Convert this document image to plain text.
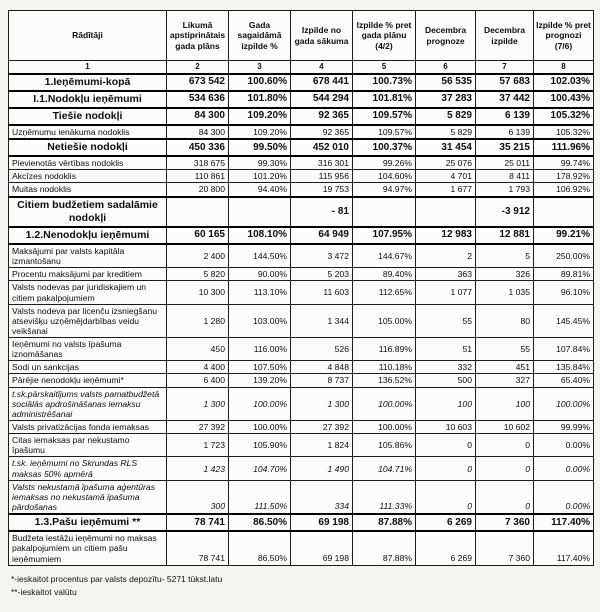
Rādītāji	Likumā apstiprinātais gada plāns	Gada sagaidāmā izpilde %	Izpilde no gada sākuma	Izpilde % pret gada plānu (4/2)	Decembra prognoze	Decembra izpilde	Izpilde % pret prognozi (7/6)
1	2	3	4	5	6	7	8
1.Ieņēmumi-kopā	673 542	100.60%	678 441	100.73%	56 535	57 683	102.03%
I.1.Nodokļu ieņēmumi	534 636	101.80%	544 294	101.81%	37 283	37 442	100.43%
Tiešie nodokļi	84 300	109.20%	92 365	109.57%	5 829	6 139	105.32%
Uzņēmumu ienākuma nodoklis	84 300	109.20%	92 365	109.57%	5 829	6 139	105.32%
Netiešie nodokļi	450 336	99.50%	452 010	100.37%	31 454	35 215	111.96%
Pievienotās vērtības nodoklis	318 675	99.30%	316 301	99.26%	25 076	25 011	99.74%
Akcīzes nodoklis	110 861	101.20%	115 956	104.60%	4 701	8 411	178.92%
Muitas nodoklis	20 800	94.40%	19 753	94.97%	1 677	1 793	106.92%
Citiem budžetiem sadalāmie nodokļi			- 81			-3 912	
1.2.Nenodokļu ieņēmumi	60 165	108.10%	64 949	107.95%	12 983	12 881	99.21%
Maksājumi par valsts kapitāla izmantošanu	2 400	144.50%	3 472	144.67%	2	5	250.00%
Procentu maksājumi par kreditiem	5 820	90.00%	5 203	89.40%	363	326	89.81%
Valsts nodevas par juridiskajiem un citiem pakalpojumiem	10 300	113.10%	11 603	112.65%	1 077	1 035	96.10%
Valsts nodeva par licenču izsniegšanu atsevišķu uzņēmējdarbības veidu veikšanai	1 280	103.00%	1 344	105.00%	55	80	145.45%
Ieņēmumi no valsts īpašuma iznomāšanas	450	116.00%	526	116.89%	51	55	107.84%
Sodi un sankcijas	4 400	107.50%	4 848	110.18%	332	451	135.84%
Pārējie nenodokļu ieņēmumi*	6 400	139.20%	8 737	136.52%	500	327	65.40%
t.sk.pārskaitījums valsts pamatbudžetā sociālās apdrošināšanas iemaksu administrēšanai	1 300	100.00%	1 300	100.00%	100	100	100.00%
Valsts privatizācijas fonda iemaksas	27 392	100.00%	27 392	100.00%	10 603	10 602	99.99%
Citas iemaksas par nekustamo īpašumu	1 723	105.90%	1 824	105.86%	0	0	0.00%
t.sk. ieņēmumi no Skrundas RLS maksas 50% apmērā	1 423	104.70%	1 490	104.71%	0	0	0.00%
Valsts nekustamā īpašuma aģentūras iemaksas no nekustamā īpašuma pārdošanas	300	111.50%	334	111.33%	0	0	0.00%
1.3.Pašu ieņēmumi **	78 741	86.50%	69 198	87.88%	6 269	7 360	117.40%
Budžeta iestāžu ieņēmumi no maksas pakalpojumiem un citiem pašu ieņēmumiem	78 741	86.50%	69 198	87.88%	6 269	7 360	117.40%
*-ieskaitot procentus par valsts depozītu- 5271 tūkst.latu
**-ieskaitot valūtu
